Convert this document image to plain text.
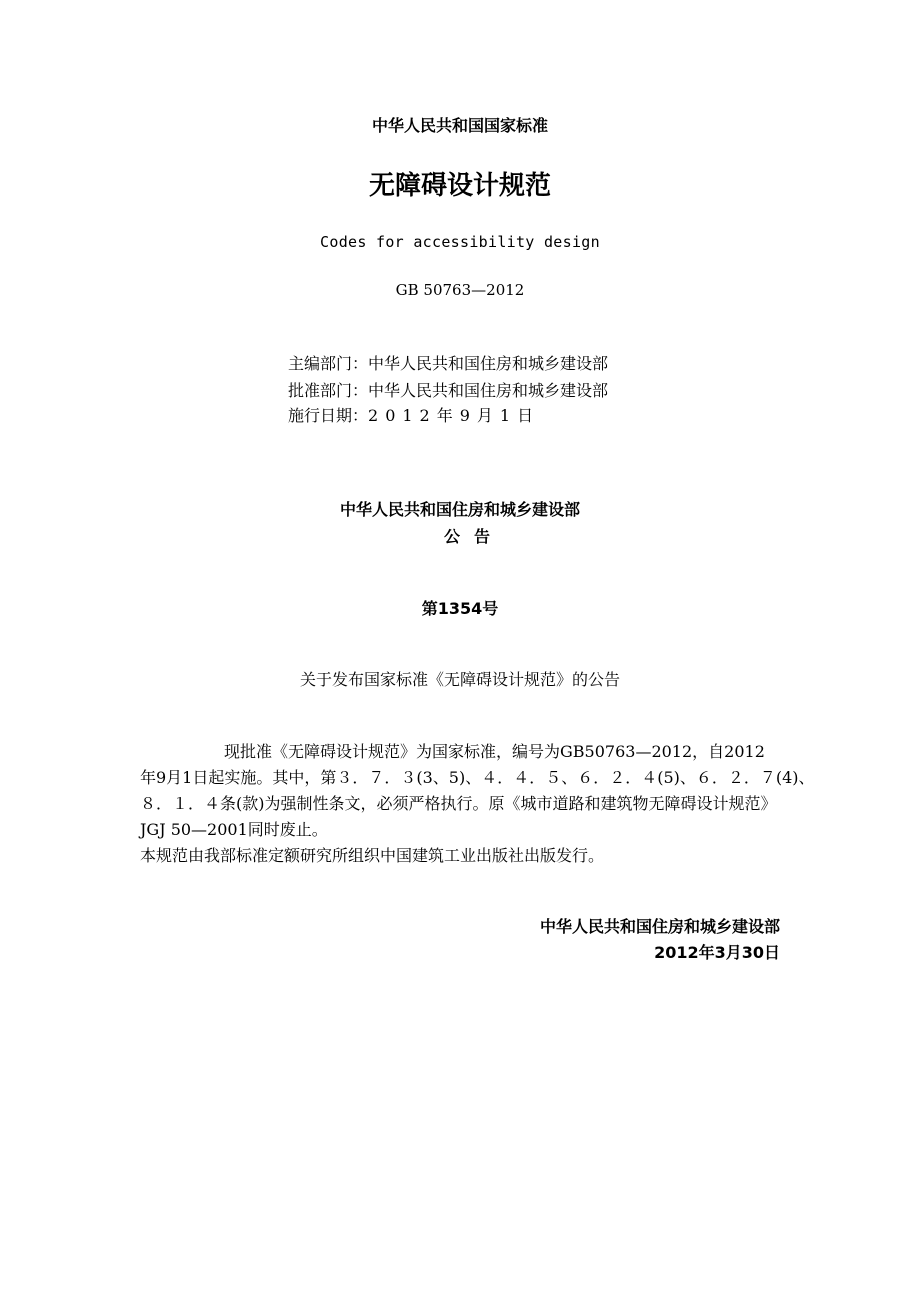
中华人民共和国国家标准
无障碍设计规范
Codes for accessibility design
GB 50763—2012
主编部门：中华人民共和国住房和城乡建设部
批准部门：中华人民共和国住房和城乡建设部
施行日期：2012年9月1日
中华人民共和国住房和城乡建设部
公告
第1354号
关于发布国家标准《无障碍设计规范》的公告
现批准《无障碍设计规范》为国家标准，编号为GB50763—2012，自2012
年9月1日起实施。其中，第３．７．３(3、5)、４．４．５、６．２．４(5)、６．２．７(4)、
８．１．４条(款)为强制性条文，必须严格执行。原《城市道路和建筑物无障碍设计规范》
JGJ 50—2001同时废止。
本规范由我部标准定额研究所组织中国建筑工业出版社出版发行。
中华人民共和国住房和城乡建设部
2012年3月30日
